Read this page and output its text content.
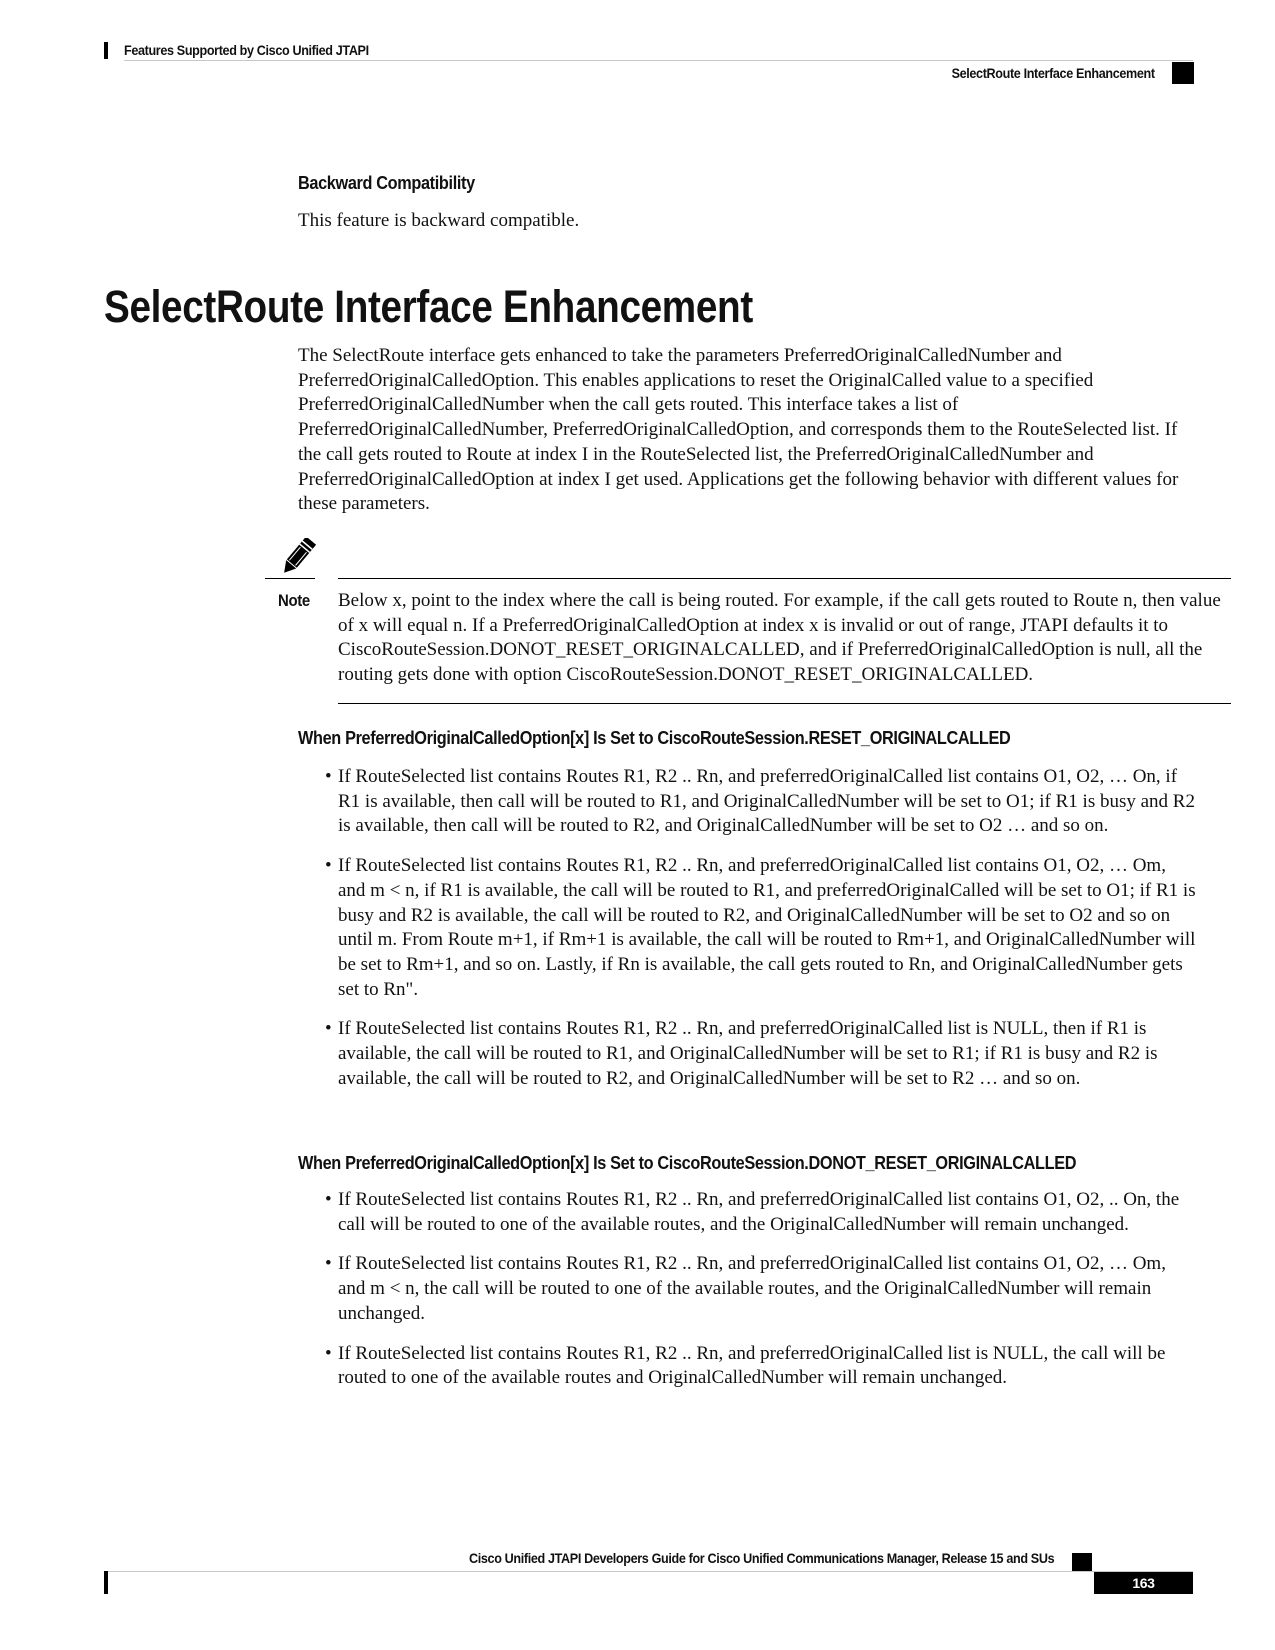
Features Supported by Cisco Unified JTAPI
SelectRoute Interface Enhancement
Backward Compatibility
This feature is backward compatible.
SelectRoute Interface Enhancement
The SelectRoute interface gets enhanced to take the parameters PreferredOriginalCalledNumber and PreferredOriginalCalledOption. This enables applications to reset the OriginalCalled value to a specified PreferredOriginalCalledNumber when the call gets routed. This interface takes a list of PreferredOriginalCalledNumber, PreferredOriginalCalledOption, and corresponds them to the RouteSelected list. If the call gets routed to Route at index I in the RouteSelected list, the PreferredOriginalCalledNumber and PreferredOriginalCalledOption at index I get used. Applications get the following behavior with different values for these parameters.
Note Below x, point to the index where the call is being routed. For example, if the call gets routed to Route n, then value of x will equal n. If a PreferredOriginalCalledOption at index x is invalid or out of range, JTAPI defaults it to CiscoRouteSession.DONOT_RESET_ORIGINALCALLED, and if PreferredOriginalCalledOption is null, all the routing gets done with option CiscoRouteSession.DONOT_RESET_ORIGINALCALLED.
When PreferredOriginalCalledOption[x] Is Set to CiscoRouteSession.RESET_ORIGINALCALLED
• If RouteSelected list contains Routes R1, R2 .. Rn, and preferredOriginalCalled list contains O1, O2, … On, if R1 is available, then call will be routed to R1, and OriginalCalledNumber will be set to O1; if R1 is busy and R2 is available, then call will be routed to R2, and OriginalCalledNumber will be set to O2 … and so on.
• If RouteSelected list contains Routes R1, R2 .. Rn, and preferredOriginalCalled list contains O1, O2, … Om, and m < n, if R1 is available, the call will be routed to R1, and preferredOriginalCalled will be set to O1; if R1 is busy and R2 is available, the call will be routed to R2, and OriginalCalledNumber will be set to O2 and so on until m. From Route m+1, if Rm+1 is available, the call will be routed to Rm+1, and OriginalCalledNumber will be set to Rm+1, and so on. Lastly, if Rn is available, the call gets routed to Rn, and OriginalCalledNumber gets set to Rn".
• If RouteSelected list contains Routes R1, R2 .. Rn, and preferredOriginalCalled list is NULL, then if R1 is available, the call will be routed to R1, and OriginalCalledNumber will be set to R1; if R1 is busy and R2 is available, the call will be routed to R2, and OriginalCalledNumber will be set to R2 … and so on.
When PreferredOriginalCalledOption[x] Is Set to CiscoRouteSession.DONOT_RESET_ORIGINALCALLED
• If RouteSelected list contains Routes R1, R2 .. Rn, and preferredOriginalCalled list contains O1, O2, .. On, the call will be routed to one of the available routes, and the OriginalCalledNumber will remain unchanged.
• If RouteSelected list contains Routes R1, R2 .. Rn, and preferredOriginalCalled list contains O1, O2, … Om, and m < n, the call will be routed to one of the available routes, and the OriginalCalledNumber will remain unchanged.
• If RouteSelected list contains Routes R1, R2 .. Rn, and preferredOriginalCalled list is NULL, the call will be routed to one of the available routes and OriginalCalledNumber will remain unchanged.
Cisco Unified JTAPI Developers Guide for Cisco Unified Communications Manager, Release 15 and SUs
163
